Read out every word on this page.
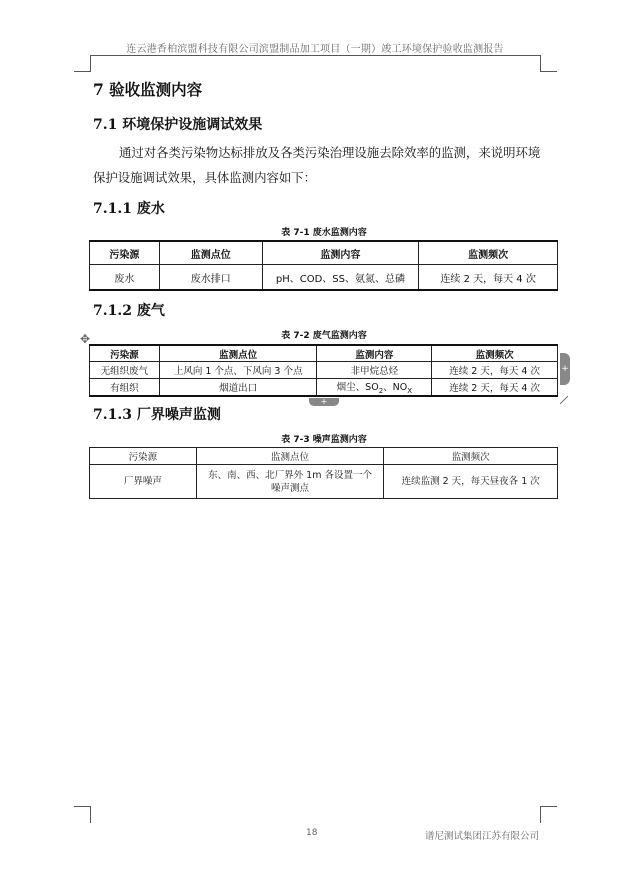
连云港香柏滨盟科技有限公司滨盟制品加工项目（一期）竣工环境保护验收监测报告
7 验收监测内容
7.1 环境保护设施调试效果
通过对各类污染物达标排放及各类污染治理设施去除效率的监测，来说明环境保护设施调试效果，具体监测内容如下：
7.1.1 废水
表 7-1 废水监测内容
污染源	监测点位	监测内容	监测频次
废水	废水排口	pH、COD、SS、氨氮、总磷	连续 2 天，每天 4 次
7.1.2 废气
表 7-2 废气监测内容
✥
污染源	监测点位	监测内容	监测频次
无组织废气	上风向 1 个点、下风向 3 个点	非甲烷总烃	连续 2 天，每天 4 次
有组织	烟道出口	烟尘、$SO_2$、$NO_X$	连续 2 天，每天 4 次
+
+
7.1.3 厂界噪声监测
表 7-3 噪声监测内容
污染源	监测点位	监测频次
厂界噪声	东、南、西、北厂界外 1m 各设置一个噪声测点	连续监测 2 天，每天昼夜各 1 次
18	谱尼测试集团江苏有限公司
